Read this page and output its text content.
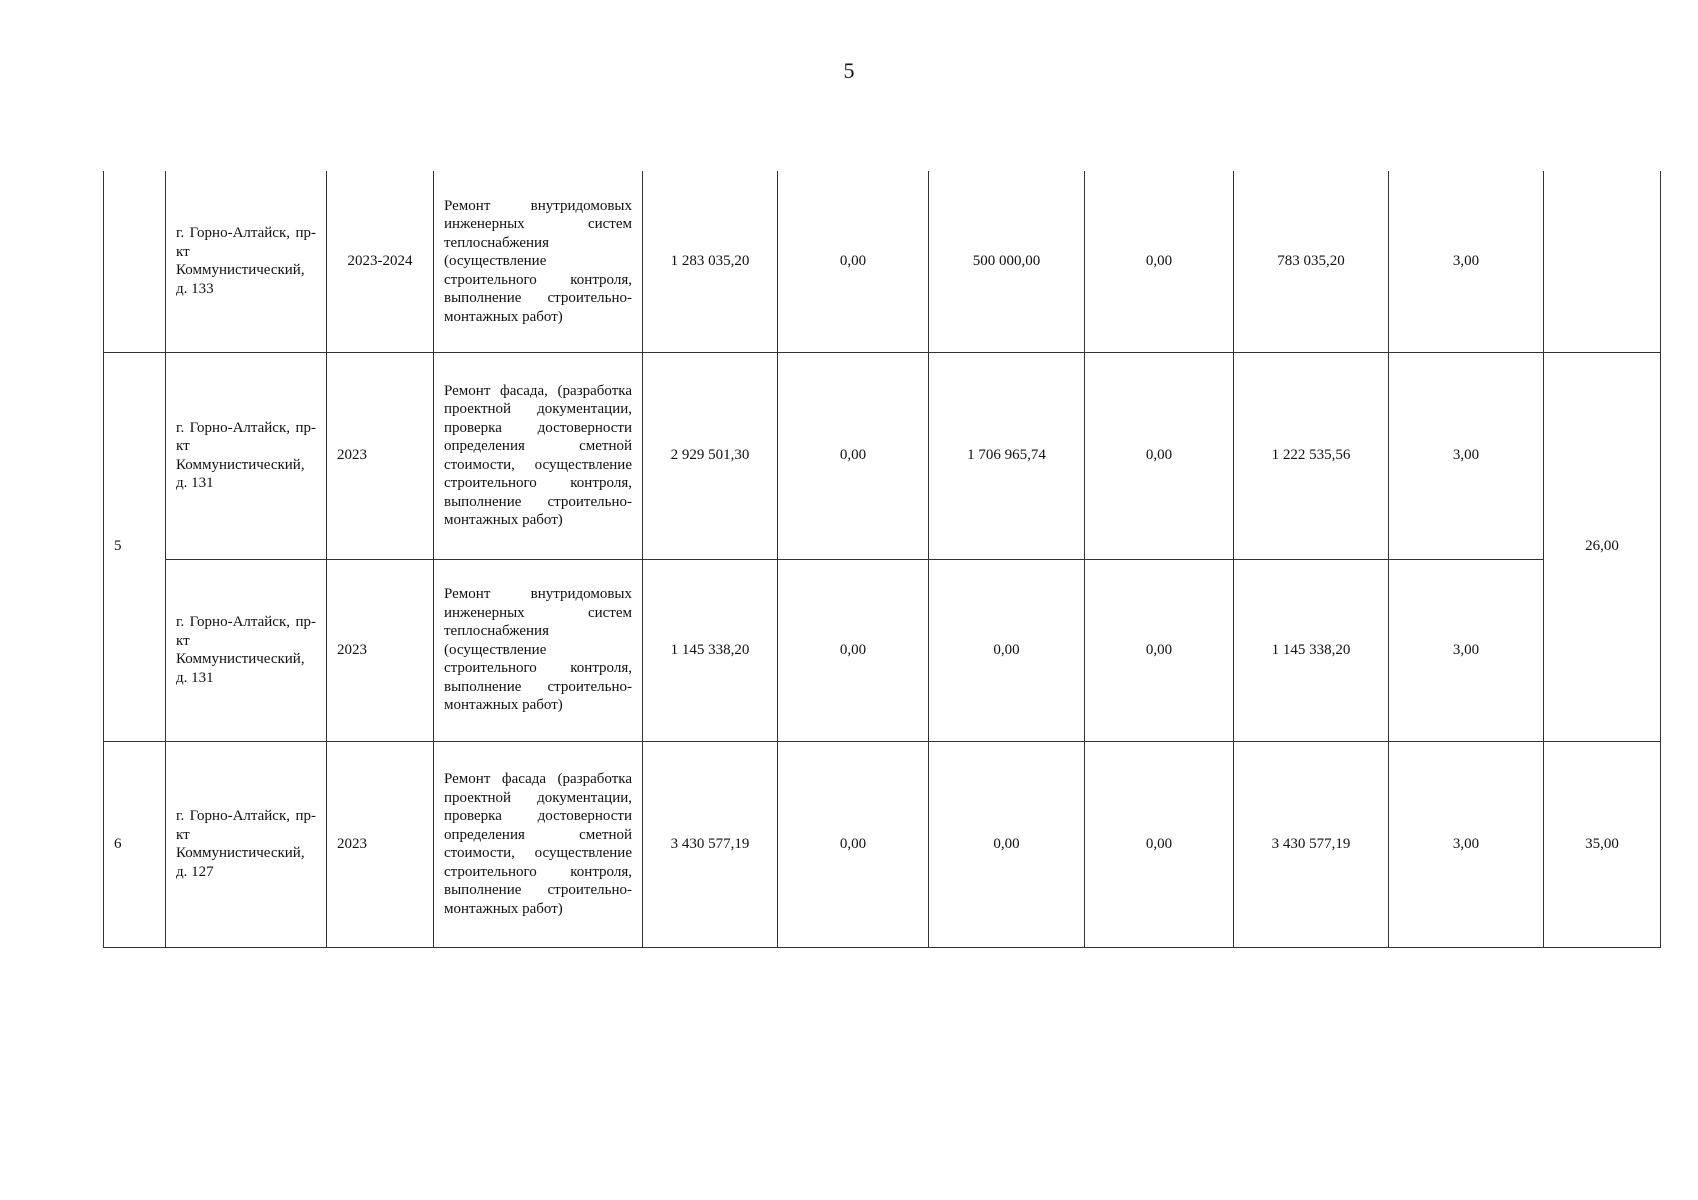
5
	г. Горно-Алтайск, пр-кт Коммунистический, д. 133	2023-2024	Ремонт внутридомовых инженерных систем теплоснабжения (осуществление строительного контроля, выполнение строительно-монтажных работ)	1 283 035,20	0,00	500 000,00	0,00	783 035,20	3,00	
5	г. Горно-Алтайск, пр-кт Коммунистический, д. 131	2023	Ремонт фасада, (разработка проектной документации, проверка достоверности определения сметной стоимости, осуществление строительного контроля, выполнение строительно-монтажных работ)	2 929 501,30	0,00	1 706 965,74	0,00	1 222 535,56	3,00	26,00
	г. Горно-Алтайск, пр-кт Коммунистический, д. 131	2023	Ремонт внутридомовых инженерных систем теплоснабжения (осуществление строительного контроля, выполнение строительно-монтажных работ)	1 145 338,20	0,00	0,00	0,00	1 145 338,20	3,00	
6	г. Горно-Алтайск, пр-кт Коммунистический, д. 127	2023	Ремонт фасада (разработка проектной документации, проверка достоверности определения сметной стоимости, осуществление строительного контроля, выполнение строительно-монтажных работ)	3 430 577,19	0,00	0,00	0,00	3 430 577,19	3,00	35,00
